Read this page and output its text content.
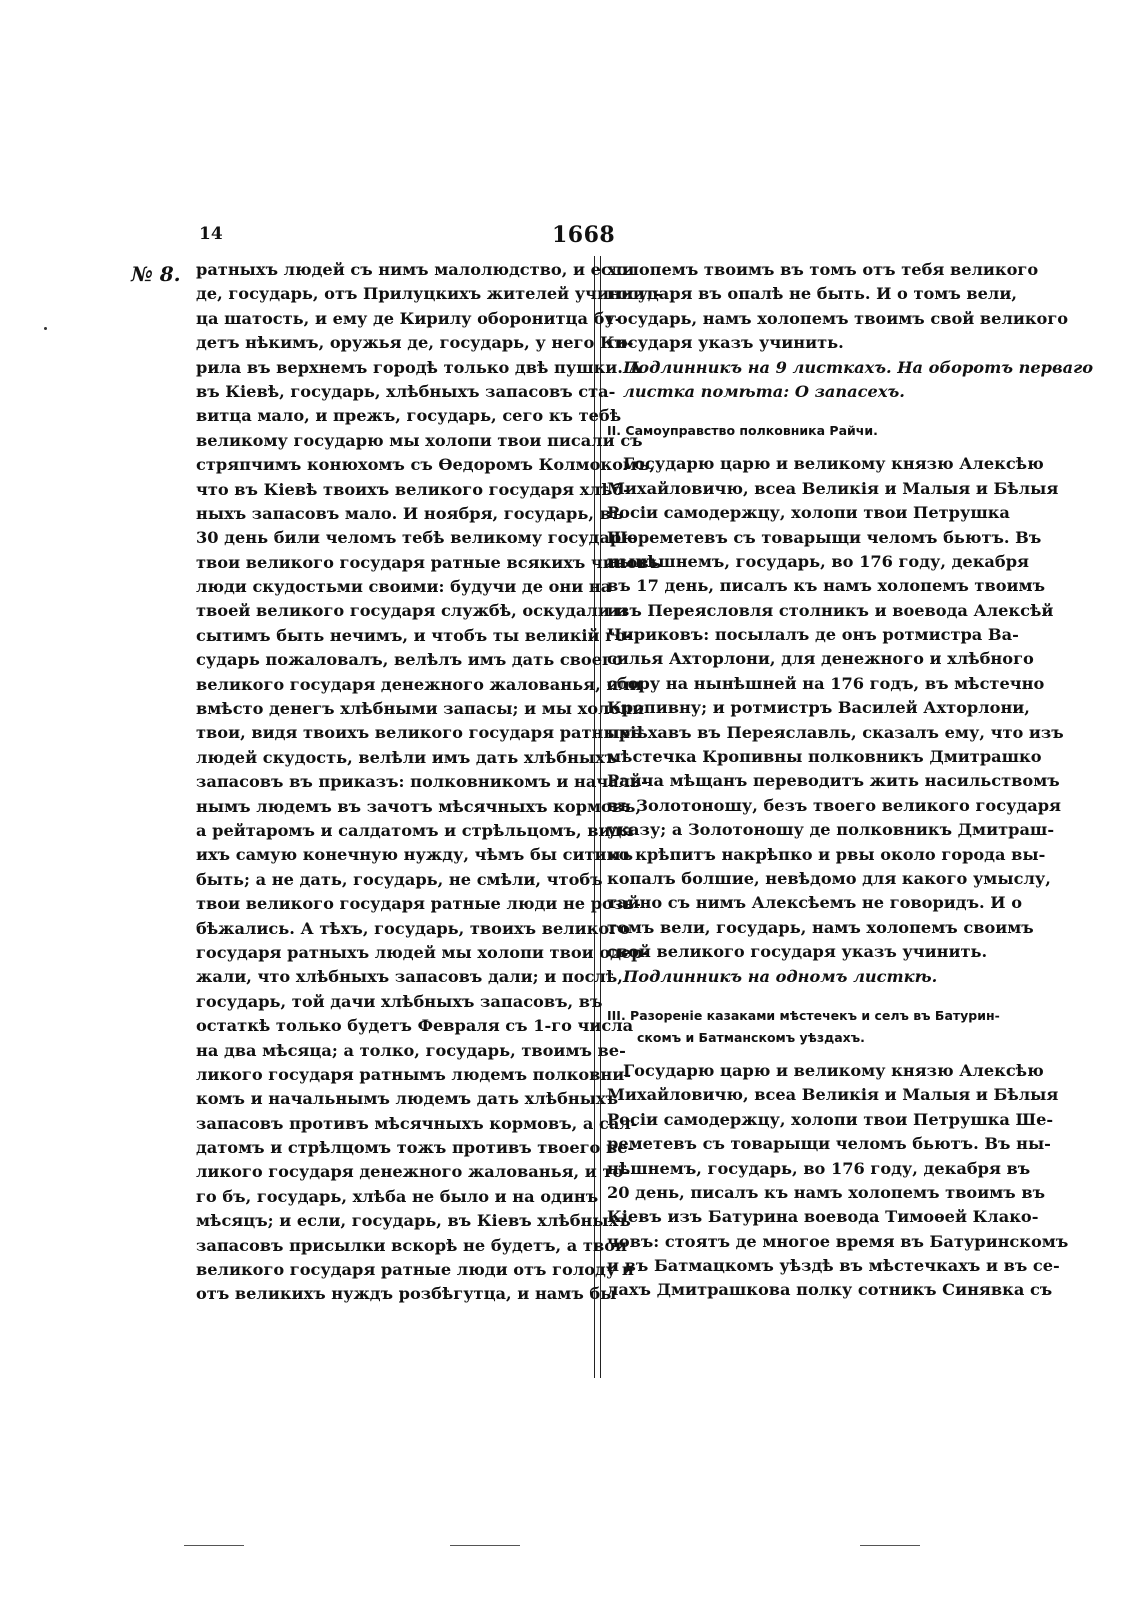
14	1668
№ 8. ратныхъ людей съ нимъ малолюдство, и если
де, государь, отъ Прилуцкихъ жителей учиниит-
ца шатость, и ему де Кирилу оборонитца бу-
детъ нѣкимъ, оружья де, государь, у него Ки-
рила въ верхнемъ городѣ только двѣ пушки. А
въ Кіевѣ, государь, хлѣбныхъ запасовъ ста-
витца мало, и прежъ, государь, сего къ тебѣ
великому государю мы холопи твои писали съ
стряпчимъ конюхомъ съ Ѳедоромъ Колмокомъ,
что въ Кіевѣ твоихъ великого государя хлѣб-
ныхъ запасовъ мало. И ноября, государь, въ
30 день били челомъ тебѣ великому государю
твои великого государя ратные всякихъ чиновъ
люди скудостьми своими: будучи де они на
твоей великого государя службѣ, оскудали и
сытимъ быть нечимъ, и чтобъ ты великій го-
сударь пожаловалъ, велѣлъ имъ дать своего
великого государя денежного жалованья, или
вмѣсто денегъ хлѣбными запасы; и мы холопи
твои, видя твоихъ великого государя ратныхъ
людей скудость, велѣли имъ дать хлѣбныхъ
запасовъ въ приказъ: полковникомъ и началь-
нымъ людемъ въ зачотъ мѣсячныхъ кормовъ,
а рейтаромъ и салдатомъ и стрѣльцомъ, видя
ихъ самую конечную нужду, чѣмъ бы ситимъ
быть; а не дать, государь, не смѣли, чтобъ
твои великого государя ратные люди не розь-
бѣжались. А тѣхъ, государь, твоихъ великого
государя ратныхъ людей мы холопи твои одер-
жали, что хлѣбныхъ запасовъ дали; и послѣ,
государь, той дачи хлѣбныхъ запасовъ, въ
остаткѣ только будетъ Февраля съ 1-го числа
на два мѣсяца; а толко, государь, твоимъ ве-
ликого государя ратнымъ людемъ полковни-
комъ и начальнымъ людемъ дать хлѣбныхъ
запасовъ противъ мѣсячныхъ кормовъ, а сал-
датомъ и стрѣлцомъ тожъ противъ твоего ве-
ликого государя денежного жалованья, и то-
го бъ, государь, хлѣба не было и на одинъ
мѣсяцъ; и если, государь, въ Кіевъ хлѣбныхъ
запасовъ присылки вскорѣ не будетъ, а твои
великого государя ратные люди отъ голоду и
отъ великихъ нуждъ розбѣгутца, и намъ бы
холопемъ твоимъ въ томъ отъ тебя великого
государя въ опалѣ не быть. И о томъ вели,
государь, намъ холопемъ твоимъ свой великого
государя указъ учинить.
Подлинникъ на 9 листкахъ. На оборотъ перваго
листка помѣта: О запасехъ.
II. Самоуправство полковника Райчи.
Государю царю и великому князю Алексѣю
Михайловичю, всеа Великія и Малыя и Бѣлыя
Росіи самодержцу, холопи твои Петрушка
Шереметевъ съ товарыщи челомъ бьютъ. Въ
нынѣшнемъ, государь, во 176 году, декабря
въ 17 день, писалъ къ намъ холопемъ твоимъ
изъ Переясловля столникъ и воевода Алексѣй
Чириковъ: посылалъ де онъ ротмистра Ва-
силья Ахторлони, для денежного и хлѣбного
сбору на нынѣшней на 176 годъ, въ мѣстечно
Кропивну; и ротмистръ Василей Ахторлони,
пріѣхавъ въ Переяславль, сказалъ ему, что изъ
мѣстечка Кропивны полковникъ Дмитрашко
Райча мѣщанъ переводитъ жить насильствомъ
въ Золотоношу, безъ твоего великого государя
указу; а Золотоношу де полковникъ Дмитраш-
ко крѣпитъ накрѣпко и рвы около города вы-
копалъ болшие, невѣдомо для какого умыслу,
тайно съ нимъ Алексѣемъ не говоридъ. И о
томъ вели, государь, намъ холопемъ своимъ
свой великого государя указъ учинить.
Подлинникъ на одномъ листкѣ.
III. Разореніе казаками мѣстечекъ и селъ въ Батурин-
скомъ и Батманскомъ уѣздахъ.
Государю царю и великому князю Алексѣю
Михайловичю, всеа Великія и Малыя и Бѣлыя
Росіи самодержцу, холопи твои Петрушка Ше-
реметевъ съ товарыщи челомъ бьютъ. Въ ны-
нѣшнемъ, государь, во 176 году, декабря въ
20 день, писалъ къ намъ холопемъ твоимъ въ
Кіевъ изъ Батурина воевода Тимоѳей Клако-
човъ: стоятъ де многое время въ Батуринскомъ
и въ Батмацкомъ уѣздѣ въ мѣстечкахъ и въ се-
лахъ Дмитрашкова полку сотникъ Синявка съ
